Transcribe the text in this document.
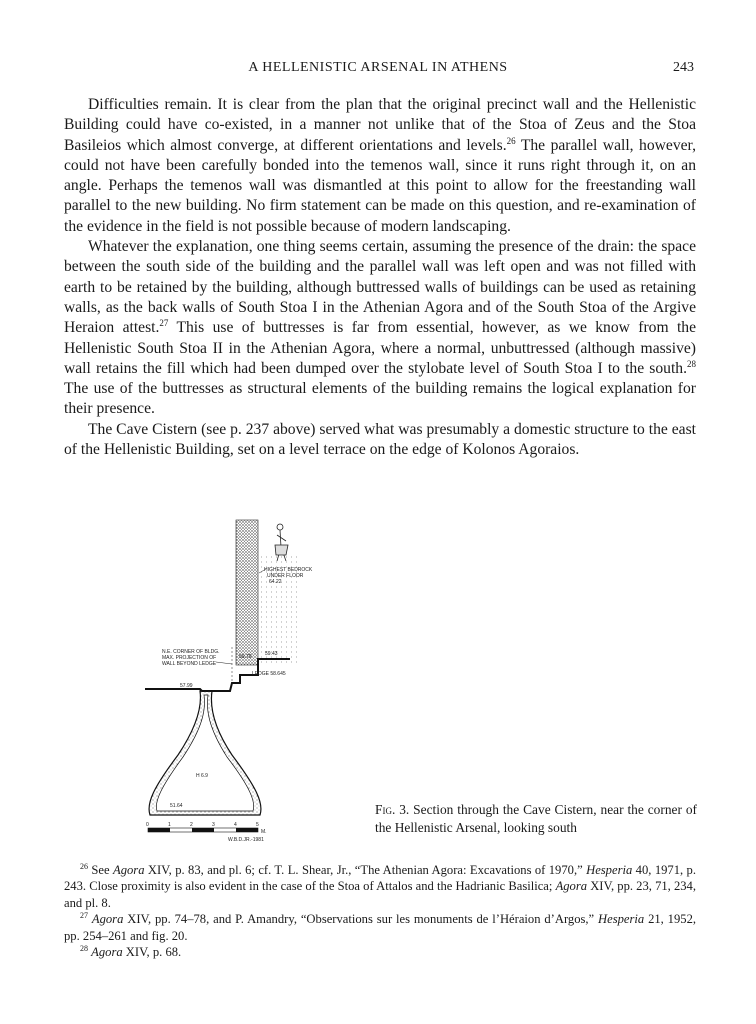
A HELLENISTIC ARSENAL IN ATHENS	243

Difficulties remain. It is clear from the plan that the original precinct wall and the Hellenistic Building could have co-existed, in a manner not unlike that of the Stoa of Zeus and the Stoa Basileios which almost converge, at different orientations and levels.$^{26}$ The parallel wall, however, could not have been carefully bonded into the temenos wall, since it runs right through it, on an angle. Perhaps the temenos wall was dismantled at this point to allow for the freestanding wall parallel to the new building. No firm statement can be made on this question, and re-examination of the evidence in the field is not possible because of modern landscaping.

Whatever the explanation, one thing seems certain, assuming the presence of the drain: the space between the south side of the building and the parallel wall was left open and was not filled with earth to be retained by the building, although buttressed walls of buildings can be used as retaining walls, as the back walls of South Stoa I in the Athenian Agora and of the South Stoa of the Argive Heraion attest.$^{27}$ This use of buttresses is far from essential, however, as we know from the Hellenistic South Stoa II in the Athenian Agora, where a normal, unbuttressed (although massive) wall retains the fill which had been dumped over the stylobate level of South Stoa I to the south.$^{28}$ The use of the buttresses as structural elements of the building remains the logical explanation for their presence.

The Cave Cistern (see p. 237 above) served what was presumably a domestic structure to the east of the Hellenistic Building, set on a level terrace on the edge of Kolonos Agoraios.

HIGHEST BEDROCK
UNDER FLOOR
64.22
N.E. CORNER OF BLDG.
MAX. PROJECTION OF
WALL BEYOND LEDGE
59.79	59.43
LEDGE 58.645
57.99
H 6.9
51.64
0	1	2	3	4	5
M.
W.B.D.JR.-1981
Fig. 3. Section through the Cave Cistern, near the corner of the Hellenistic Arsenal, looking south

$^{26}$ See Agora XIV, p. 83, and pl. 6; cf. T. L. Shear, Jr., “The Athenian Agora: Excavations of 1970,” Hesperia 40, 1971, p. 243. Close proximity is also evident in the case of the Stoa of Attalos and the Hadrianic Basilica; Agora XIV, pp. 23, 71, 234, and pl. 8.

$^{27}$ Agora XIV, pp. 74–78, and P. Amandry, “Observations sur les monuments de l’Héraion d’Argos,” Hesperia 21, 1952, pp. 254–261 and fig. 20.

$^{28}$ Agora XIV, p. 68.
